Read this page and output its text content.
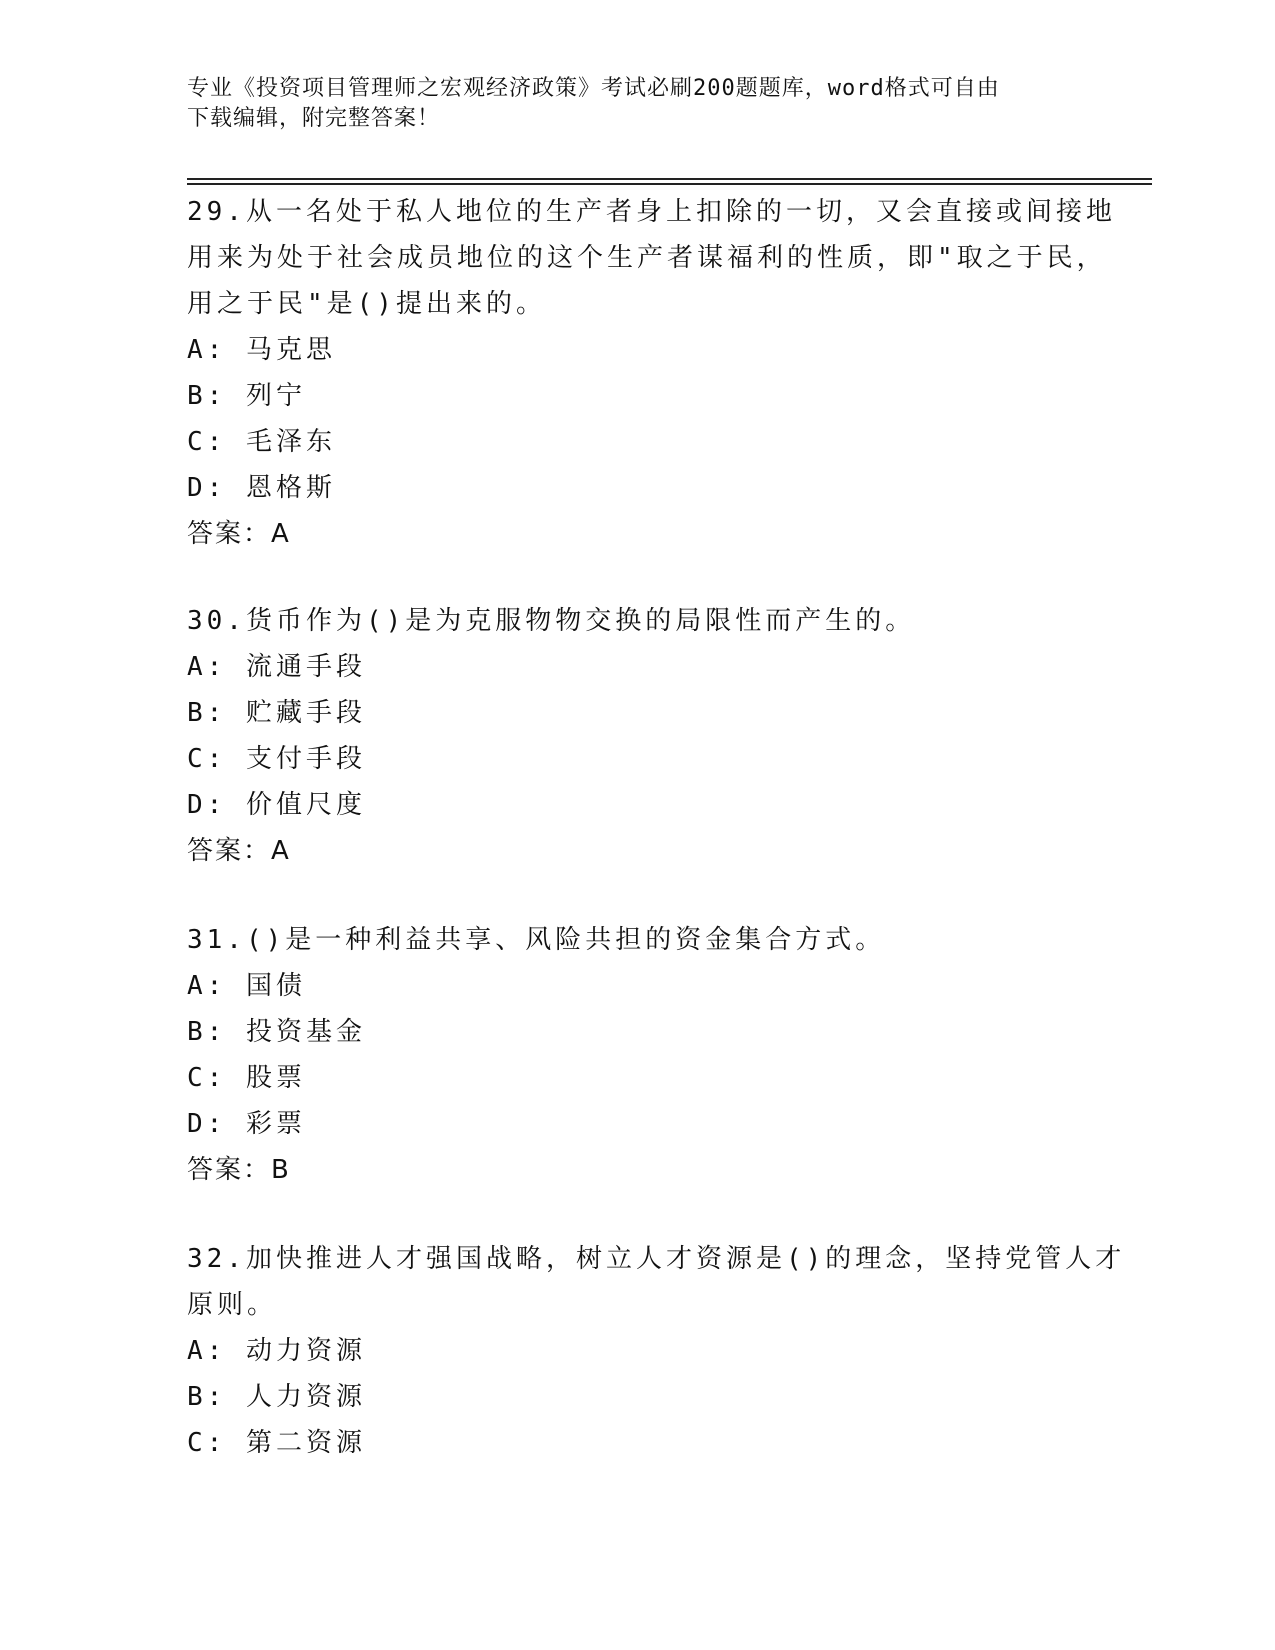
专业《投资项目管理师之宏观经济政策》考试必刷200题题库，word格式可自由
下载编辑，附完整答案！
29.从一名处于私人地位的生产者身上扣除的一切，又会直接或间接地
用来为处于社会成员地位的这个生产者谋福利的性质，即"取之于民，
用之于民"是()提出来的。
A: 马克思
B: 列宁
C: 毛泽东
D: 恩格斯
答案：A
30.货币作为()是为克服物物交换的局限性而产生的。
A: 流通手段
B: 贮藏手段
C: 支付手段
D: 价值尺度
答案：A
31.()是一种利益共享、风险共担的资金集合方式。
A: 国债
B: 投资基金
C: 股票
D: 彩票
答案：B
32.加快推进人才强国战略，树立人才资源是()的理念，坚持党管人才
原则。
A: 动力资源
B: 人力资源
C: 第二资源
